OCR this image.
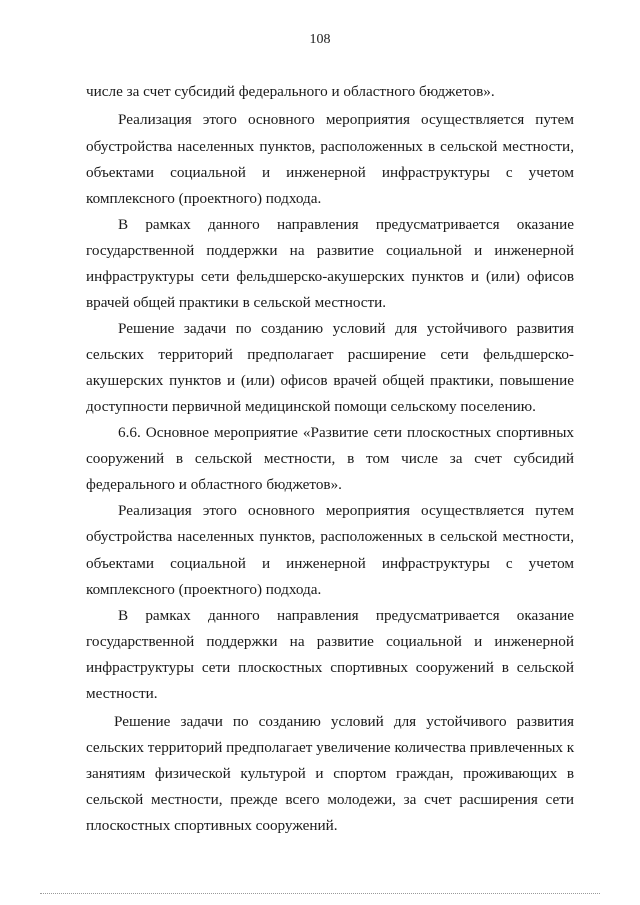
108
числе за счет субсидий федерального и областного бюджетов».
Реализация этого основного мероприятия осуществляется путем
обустройства населенных пунктов, расположенных в сельской местности,
объектами социальной и инженерной инфраструктуры с учетом
комплексного (проектного) подхода.
В рамках данного направления предусматривается оказание
государственной поддержки на развитие социальной и инженерной
инфраструктуры сети фельдшерско-акушерских пунктов и (или) офисов
врачей общей практики в сельской местности.
Решение задачи по созданию условий для устойчивого развития
сельских территорий предполагает расширение сети фельдшерско-
акушерских пунктов и (или) офисов врачей общей практики, повышение
доступности первичной медицинской помощи сельскому поселению.
6.6. Основное мероприятие «Развитие сети плоскостных спортивных
сооружений в сельской местности, в том числе за счет субсидий
федерального и областного бюджетов».
Реализация этого основного мероприятия осуществляется путем
обустройства населенных пунктов, расположенных в сельской местности,
объектами социальной и инженерной инфраструктуры с учетом
комплексного (проектного) подхода.
В рамках данного направления предусматривается оказание
государственной поддержки на развитие социальной и инженерной
инфраструктуры сети плоскостных спортивных сооружений в сельской
местности.
Решение задачи по созданию условий для устойчивого развития
сельских территорий предполагает увеличение количества привлеченных к
занятиям физической культурой и спортом граждан, проживающих в
сельской местности, прежде всего молодежи, за счет расширения сети
плоскостных спортивных сооружений.
